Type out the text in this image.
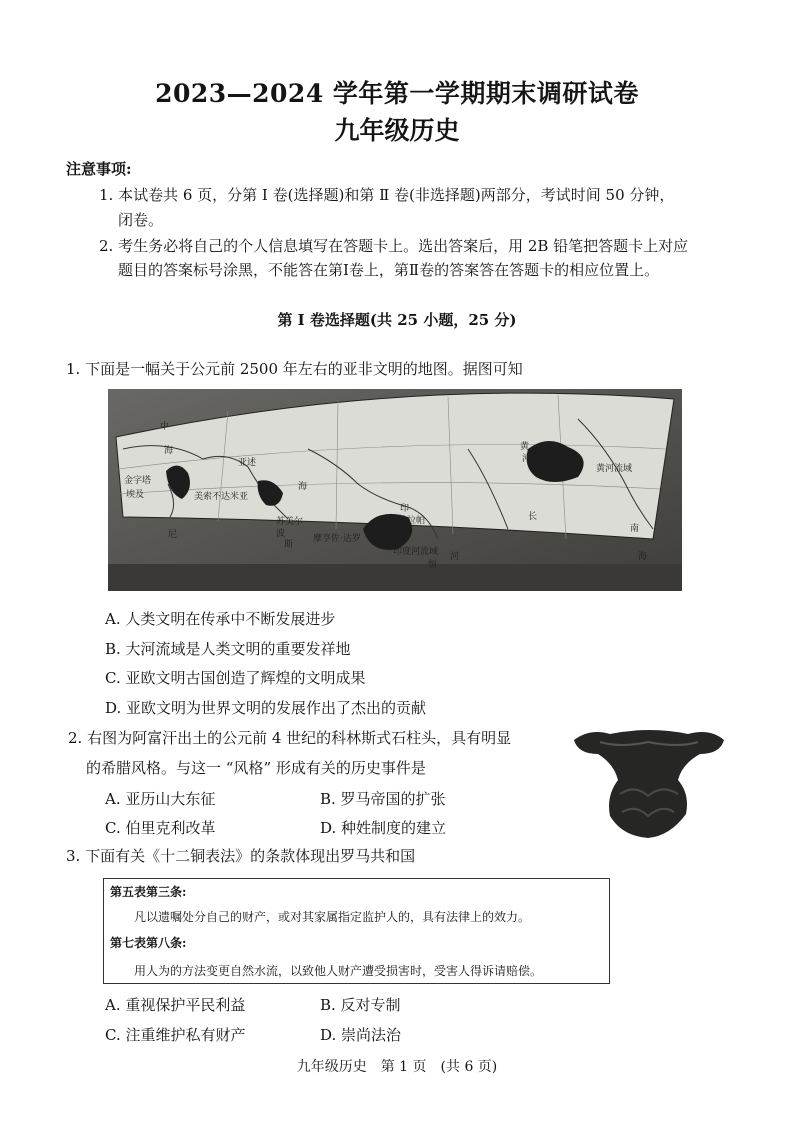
2023—2024 学年第一学期期末调研试卷
九年级历史
注意事项:
1. 本试卷共 6 页，分第 Ⅰ 卷(选择题)和第 Ⅱ 卷(非选择题)两部分，考试时间 50 分钟，
闭卷。
2. 考生务必将自己的个人信息填写在答题卡上。选出答案后，用 2B 铅笔把答题卡上对应
题目的答案标号涂黑，不能答在第Ⅰ卷上，第Ⅱ卷的答案答在答题卡的相应位置上。
第 Ⅰ 卷选择题(共 25 小题，25 分)
1. 下面是一幅关于公元前 2500 年左右的亚非文明的地图。据图可知
中
海
亚述
金字塔
埃及	美索不达米亚
尼
海
苏美尔
波
斯
印
哈拉帕
摩亨佐·达罗
印度河流域
恒
河
黄
河
黄河流域
长
南
海
A. 人类文明在传承中不断发展进步
B. 大河流域是人类文明的重要发祥地
C. 亚欧文明古国创造了辉煌的文明成果
D. 亚欧文明为世界文明的发展作出了杰出的贡献
2. 右图为阿富汗出土的公元前 4 世纪的科林斯式石柱头，具有明显
的希腊风格。与这一 “风格” 形成有关的历史事件是
A. 亚历山大东征	B. 罗马帝国的扩张
C. 伯里克利改革	D. 种姓制度的建立
3. 下面有关《十二铜表法》的条款体现出罗马共和国
第五表第三条:
凡以遗嘱处分自己的财产，或对其家属指定监护人的，具有法律上的效力。
第七表第八条:
用人为的方法变更自然水流，以致他人财产遭受损害时，受害人得诉请赔偿。
A. 重视保护平民利益	B. 反对专制
C. 注重维护私有财产	D. 崇尚法治
九年级历史　第 1 页　(共 6 页)
